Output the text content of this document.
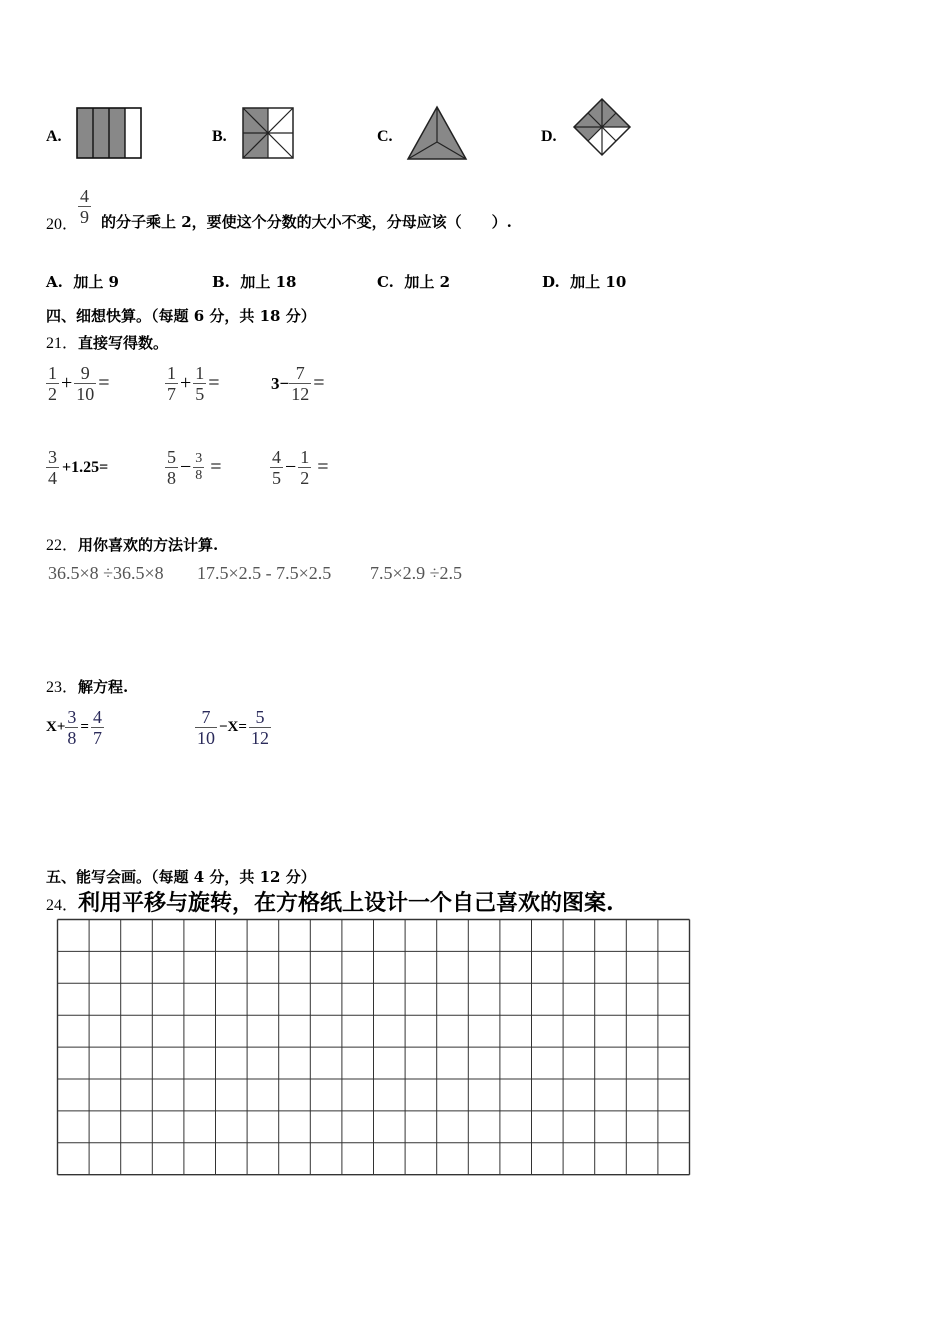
A.	B.	C.	D.
20． $\frac{4}{9}$ 的分子乘上 2，要使这个分数的大小不变，分母应该（　　）.
A. 加上 9	B. 加上 18	C. 加上 2	D. 加上 10
四、细想快算。（每题 6 分，共 18 分）
21．直接写得数。
$\frac{1}{2} + \frac{9}{10}$ =	$\frac{1}{7} + \frac{1}{5}$ =	$3- \frac{7}{12}$ =
$\frac{3}{4} +1.25=$	$\frac{5}{8} - \frac{3}{8}$ =	$\frac{4}{5} - \frac{1}{2}$ =
22．用你喜欢的方法计算.
36.5×8 ÷36.5×8 17.5×2.5 - 7.5×2.5 7.5×2.9 ÷2.5
23．解方程.
$X+ \frac{3}{8} = \frac{4}{7}$	$\frac{7}{10} -X= \frac{5}{12}$
五、能写会画。（每题 4 分，共 12 分）
24．利用平移与旋转，在方格纸上设计一个自己喜欢的图案.
